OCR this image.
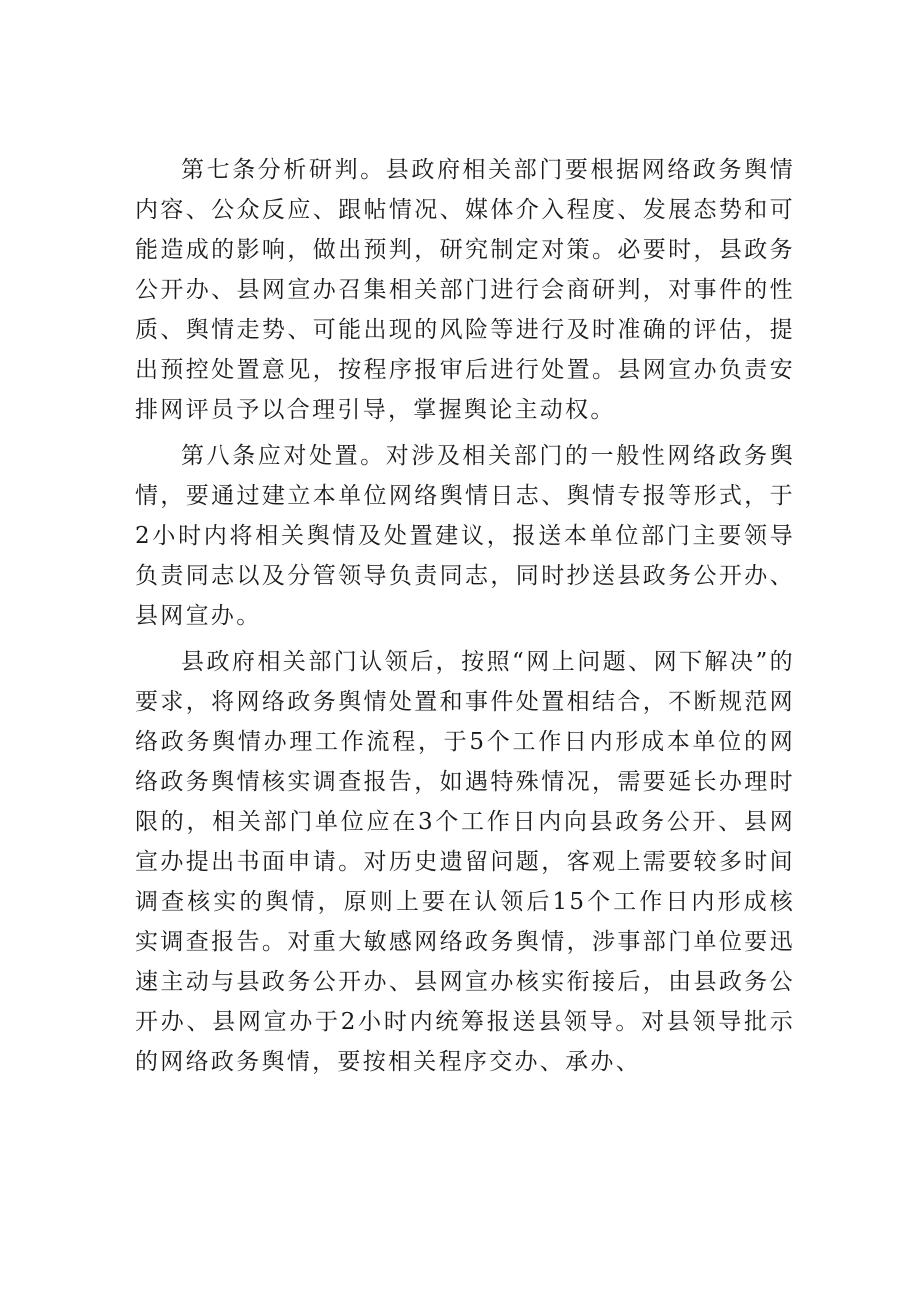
第七条分析研判。县政府相关部门要根据网络政务舆情内容、公众反应、跟帖情况、媒体介入程度、发展态势和可能造成的影响，做出预判，研究制定对策。必要时，县政务公开办、县网宣办召集相关部门进行会商研判，对事件的性质、舆情走势、可能出现的风险等进行及时准确的评估，提出预控处置意见，按程序报审后进行处置。县网宣办负责安排网评员予以合理引导，掌握舆论主动权。

第八条应对处置。对涉及相关部门的一般性网络政务舆情，要通过建立本单位网络舆情日志、舆情专报等形式，于2小时内将相关舆情及处置建议，报送本单位部门主要领导负责同志以及分管领导负责同志，同时抄送县政务公开办、县网宣办。

县政府相关部门认领后，按照“网上问题、网下解决”的要求，将网络政务舆情处置和事件处置相结合，不断规范网络政务舆情办理工作流程，于5个工作日内形成本单位的网络政务舆情核实调查报告，如遇特殊情况，需要延长办理时限的，相关部门单位应在3个工作日内向县政务公开、县网宣办提出书面申请。对历史遗留问题，客观上需要较多时间调查核实的舆情，原则上要在认领后15个工作日内形成核实调查报告。对重大敏感网络政务舆情，涉事部门单位要迅速主动与县政务公开办、县网宣办核实衔接后，由县政务公开办、县网宣办于2小时内统筹报送县领导。对县领导批示的网络政务舆情，要按相关程序交办、承办、
